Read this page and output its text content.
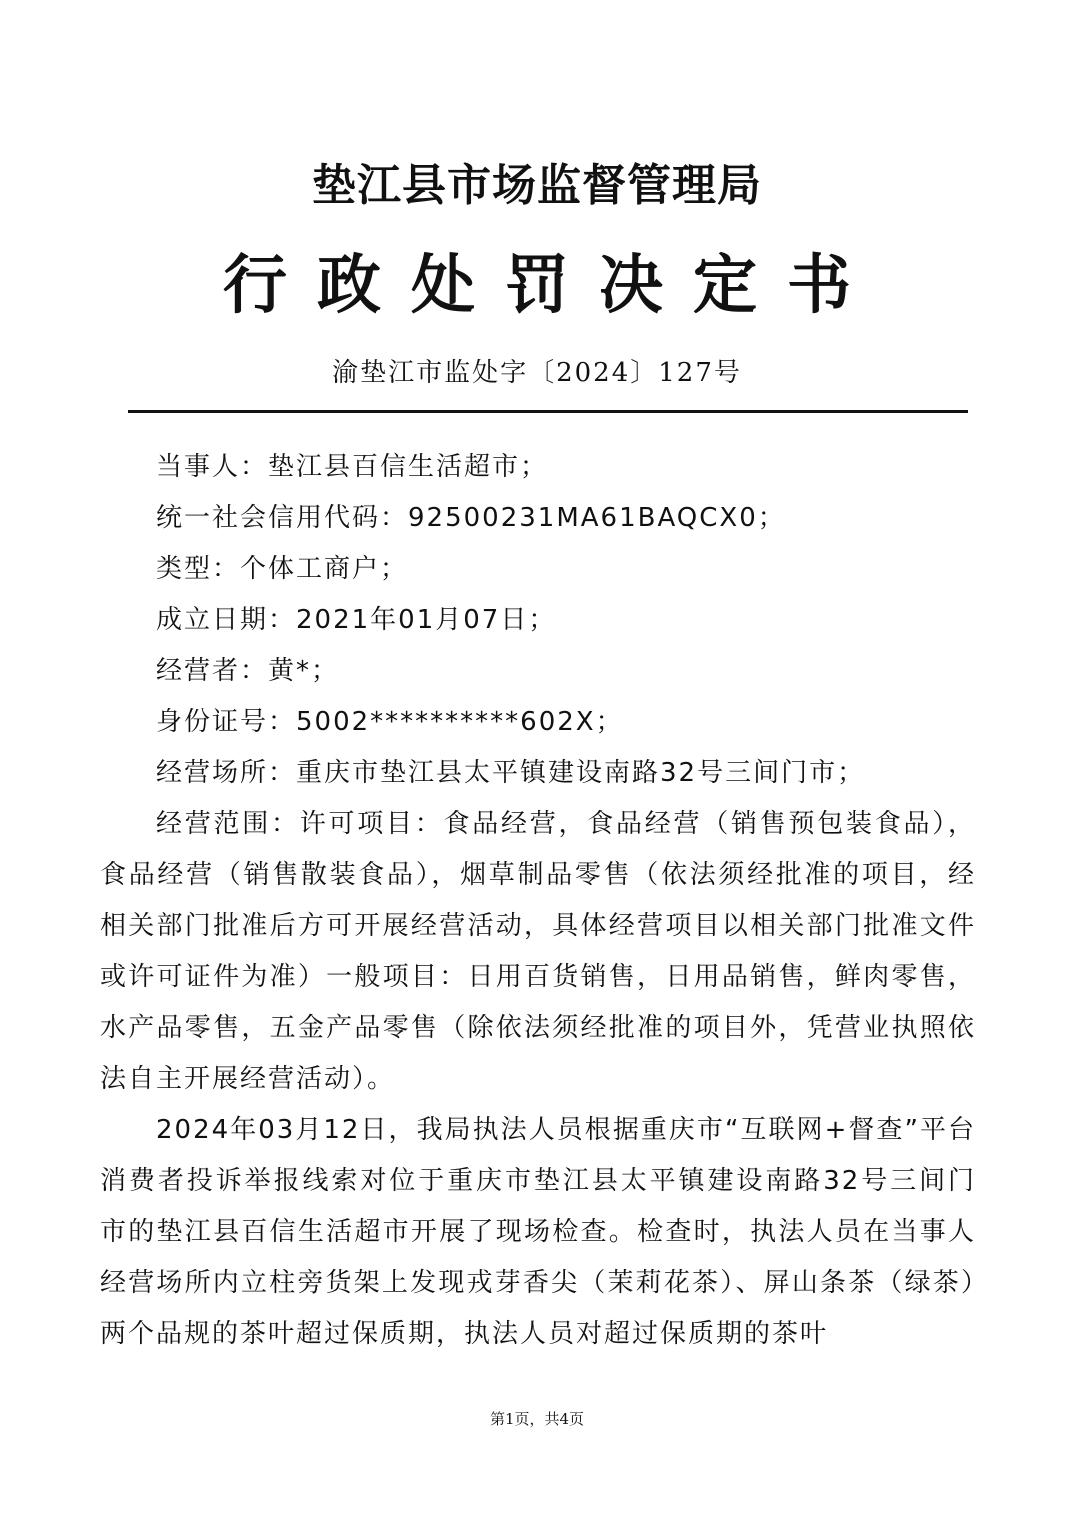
垫江县市场监督管理局
行政处罚决定书
渝垫江市监处字〔2024〕127号

当事人：垫江县百信生活超市；

统一社会信用代码：92500231MA61BAQCX0；

类型：个体工商户；

成立日期：2021年01月07日；

经营者：黄*；

身份证号：5002**********602X；

经营场所：重庆市垫江县太平镇建设南路32号三间门市；

经营范围：许可项目：食品经营，食品经营（销售预包装食品），食品经营（销售散装食品），烟草制品零售（依法须经批准的项目，经相关部门批准后方可开展经营活动，具体经营项目以相关部门批准文件或许可证件为准）一般项目：日用百货销售，日用品销售，鲜肉零售，水产品零售，五金产品零售（除依法须经批准的项目外，凭营业执照依法自主开展经营活动）。

2024年03月12日，我局执法人员根据重庆市“互联网+督查”平台消费者投诉举报线索对位于重庆市垫江县太平镇建设南路32号三间门市的垫江县百信生活超市开展了现场检查。检查时，执法人员在当事人经营场所内立柱旁货架上发现戎芽香尖（茉莉花茶）、屏山条茶（绿茶）两个品规的茶叶超过保质期，执法人员对超过保质期的茶叶

第1页，共4页
